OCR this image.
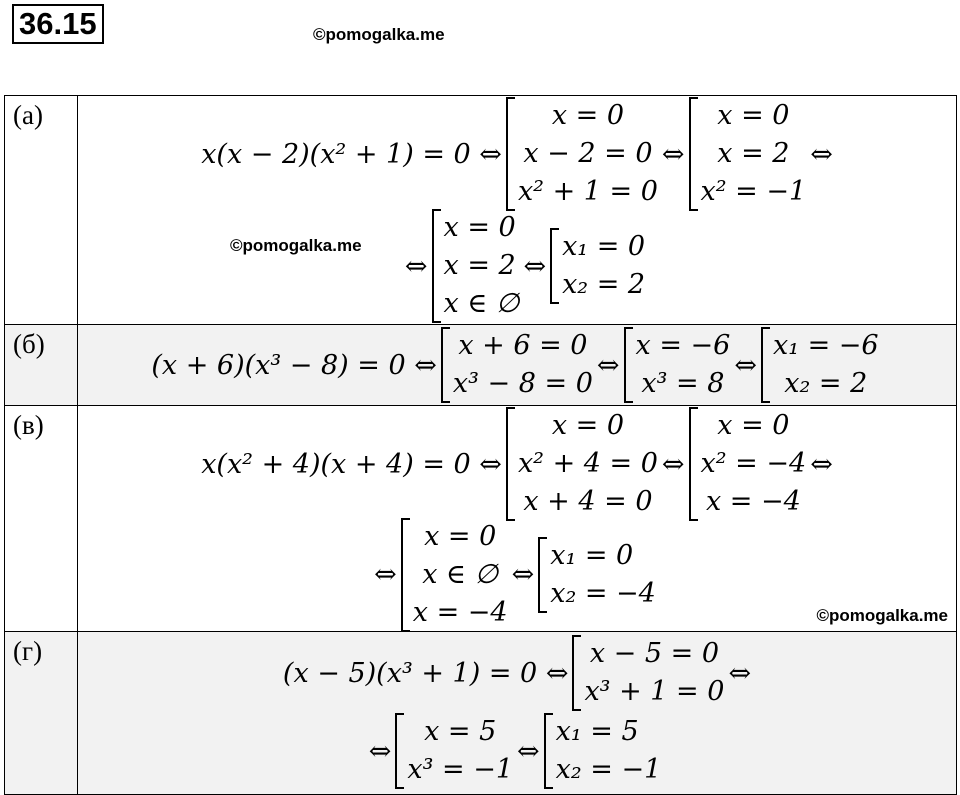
36.15	©pomogalka.me
(а)
x(x − 2)(x² + 1) = 0 ⇔
x = 0
x − 2 = 0
x² + 1 = 0
⇔
x = 0
x = 2
x² = −1
⇔
©pomogalka.me
⇔
x = 0
x = 2
x ∈ ∅
⇔
x₁ = 0
x₂ = 2
(б)
(x + 6)(x³ − 8) = 0 ⇔
x + 6 = 0
x³ − 8 = 0
⇔
x = −6
x³ = 8
⇔
x₁ = −6
x₂ = 2
(в)
x(x² + 4)(x + 4) = 0 ⇔
x = 0
x² + 4 = 0
x + 4 = 0
⇔
x = 0
x² = −4
x = −4
⇔
⇔
x = 0
x ∈ ∅
x = −4
⇔
x₁ = 0
x₂ = −4
©pomogalka.me
(г)
(x − 5)(x³ + 1) = 0 ⇔
x − 5 = 0
x³ + 1 = 0
⇔
⇔
x = 5
x³ = −1
⇔
x₁ = 5
x₂ = −1
